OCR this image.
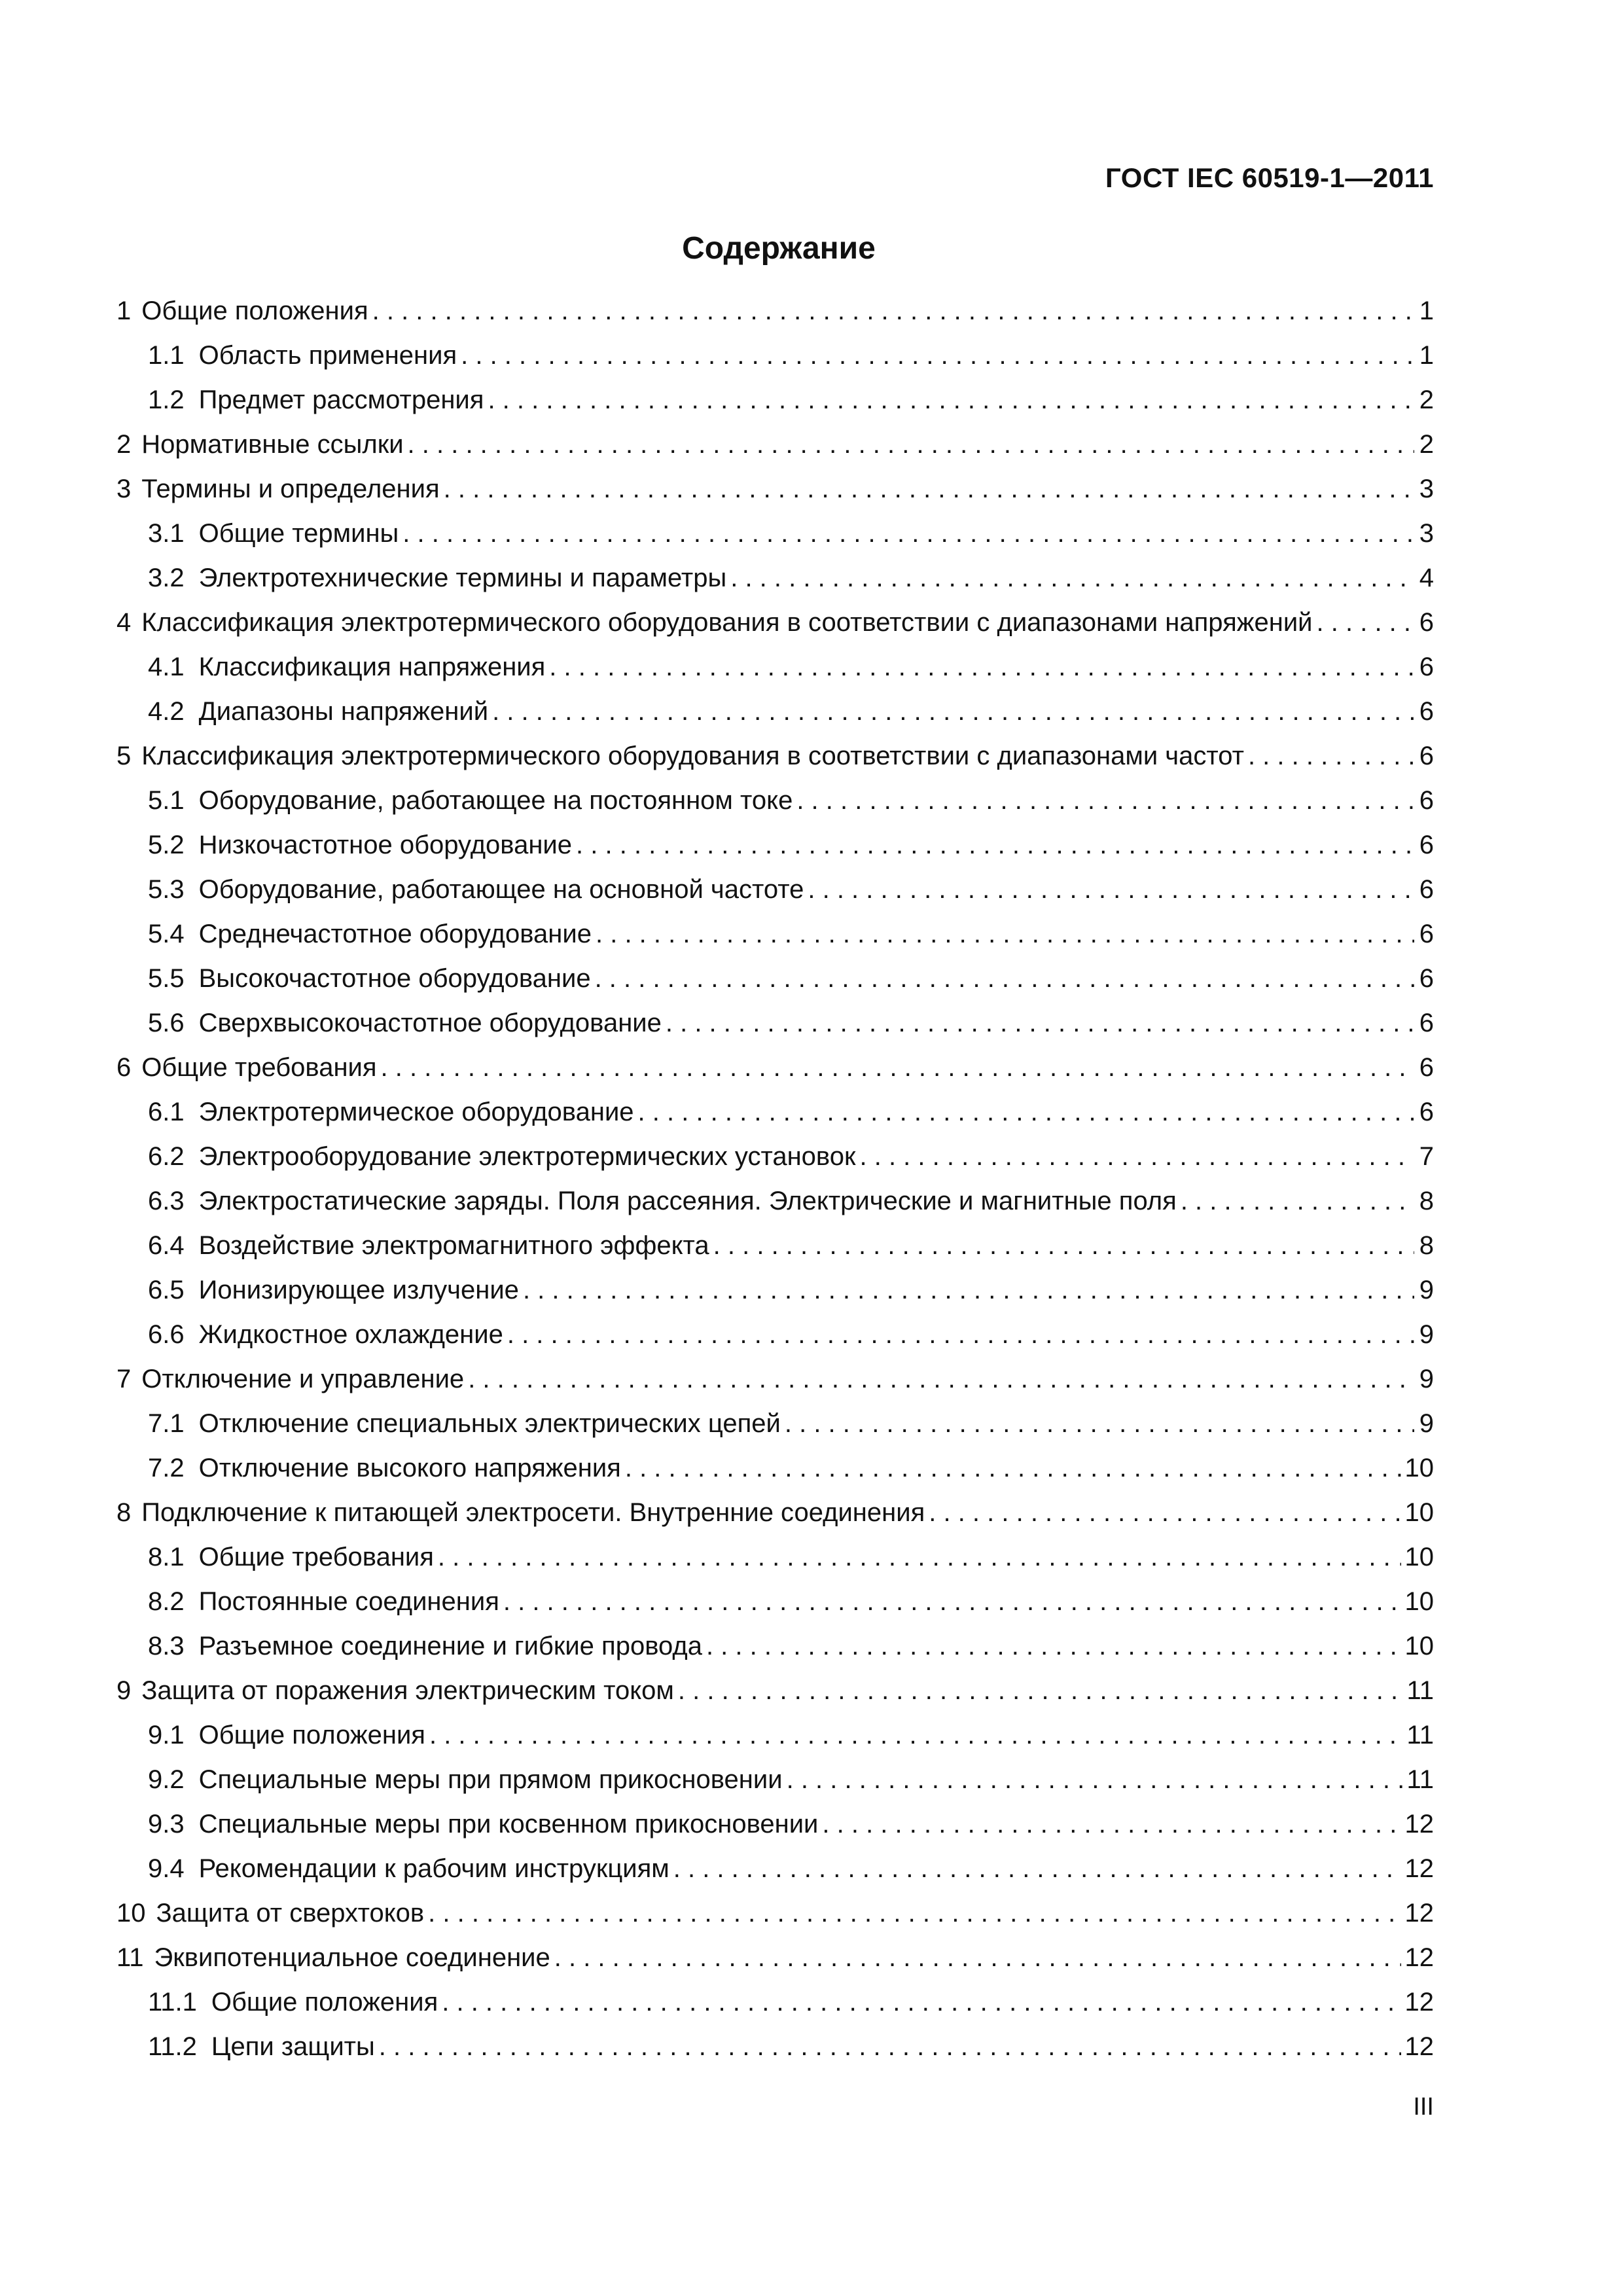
ГОСТ IEC 60519-1—2011
Содержание
1 Общие положения . . .	1
1.1 Область применения . . .	1
1.2 Предмет рассмотрения . . .	2
2 Нормативные ссылки . . .	2
3 Термины и определения . . .	3
3.1 Общие термины . . .	3
3.2 Электротехнические термины и параметры . . .	4
4 Классификация электротермического оборудования в соответствии с диапазонами напряжений . . .	6
4.1 Классификация напряжения . . .	6
4.2 Диапазоны напряжений . . .	6
5 Классификация электротермического оборудования в соответствии с диапазонами частот . . .	6
5.1 Оборудование, работающее на постоянном токе . . .	6
5.2 Низкочастотное оборудование . . .	6
5.3 Оборудование, работающее на основной частоте . . .	6
5.4 Среднечастотное оборудование . . .	6
5.5 Высокочастотное оборудование . . .	6
5.6 Сверхвысокочастотное оборудование . . .	6
6 Общие требования . . .	6
6.1 Электротермическое оборудование . . .	6
6.2 Электрооборудование электротермических установок . . .	7
6.3 Электростатические заряды. Поля рассеяния. Электрические и магнитные поля . . .	8
6.4 Воздействие электромагнитного эффекта . . .	8
6.5 Ионизирующее излучение . . .	9
6.6 Жидкостное охлаждение . . .	9
7 Отключение и управление . . .	9
7.1 Отключение специальных электрических цепей . . .	9
7.2 Отключение высокого напряжения . . .	10
8 Подключение к питающей электросети. Внутренние соединения . . .	10
8.1 Общие требования . . .	10
8.2 Постоянные соединения . . .	10
8.3 Разъемное соединение и гибкие провода . . .	10
9 Защита от поражения электрическим током . . .	11
9.1 Общие положения . . .	11
9.2 Специальные меры при прямом прикосновении . . .	11
9.3 Специальные меры при косвенном прикосновении . . .	12
9.4 Рекомендации к рабочим инструкциям . . .	12
10 Защита от сверхтоков . . .	12
11 Эквипотенциальное соединение . . .	12
11.1 Общие положения . . .	12
11.2 Цепи защиты . . .	12
III
